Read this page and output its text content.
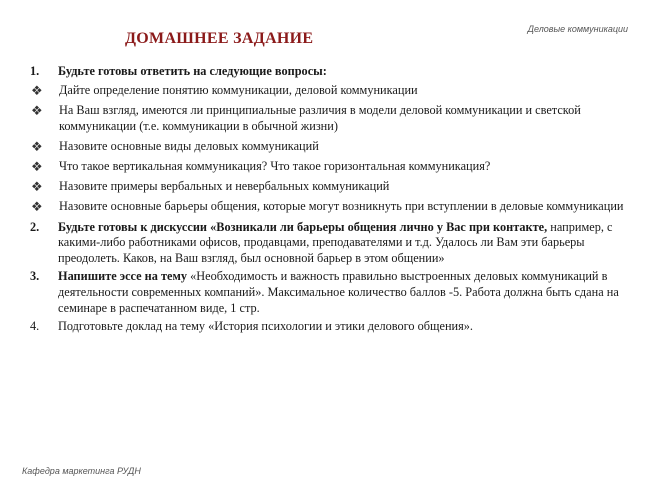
Деловые коммуникации
ДОМАШНЕЕ ЗАДАНИЕ
1.	Будьте готовы ответить на следующие вопросы:
❖	Дайте определение понятию коммуникации, деловой коммуникации
❖	На Ваш взгляд, имеются ли принципиальные различия в модели деловой коммуникации и светской коммуникации (т.е. коммуникации в обычной жизни)
❖	Назовите основные виды деловых коммуникаций
❖	Что такое вертикальная коммуникация? Что такое горизонтальная коммуникация?
❖	Назовите примеры вербальных и невербальных коммуникаций
❖	Назовите основные барьеры общения, которые могут возникнуть при вступлении в деловые коммуникации
2.	Будьте готовы к дискуссии «Возникали ли барьеры общения лично у Вас при контакте, например, с какими-либо работниками офисов, продавцами, преподавателями и т.д. Удалось ли Вам эти барьеры преодолеть. Каков, на Ваш взгляд, был основной барьер в этом общении»
3.	Напишите эссе на тему «Необходимость и важность правильно выстроенных деловых коммуникаций в деятельности современных компаний». Максимальное количество баллов -5. Работа должна быть сдана на семинаре в распечатанном виде, 1 стр.
4.	Подготовьте доклад на тему «История психологии и этики делового общения».
Кафедра маркетинга РУДН
